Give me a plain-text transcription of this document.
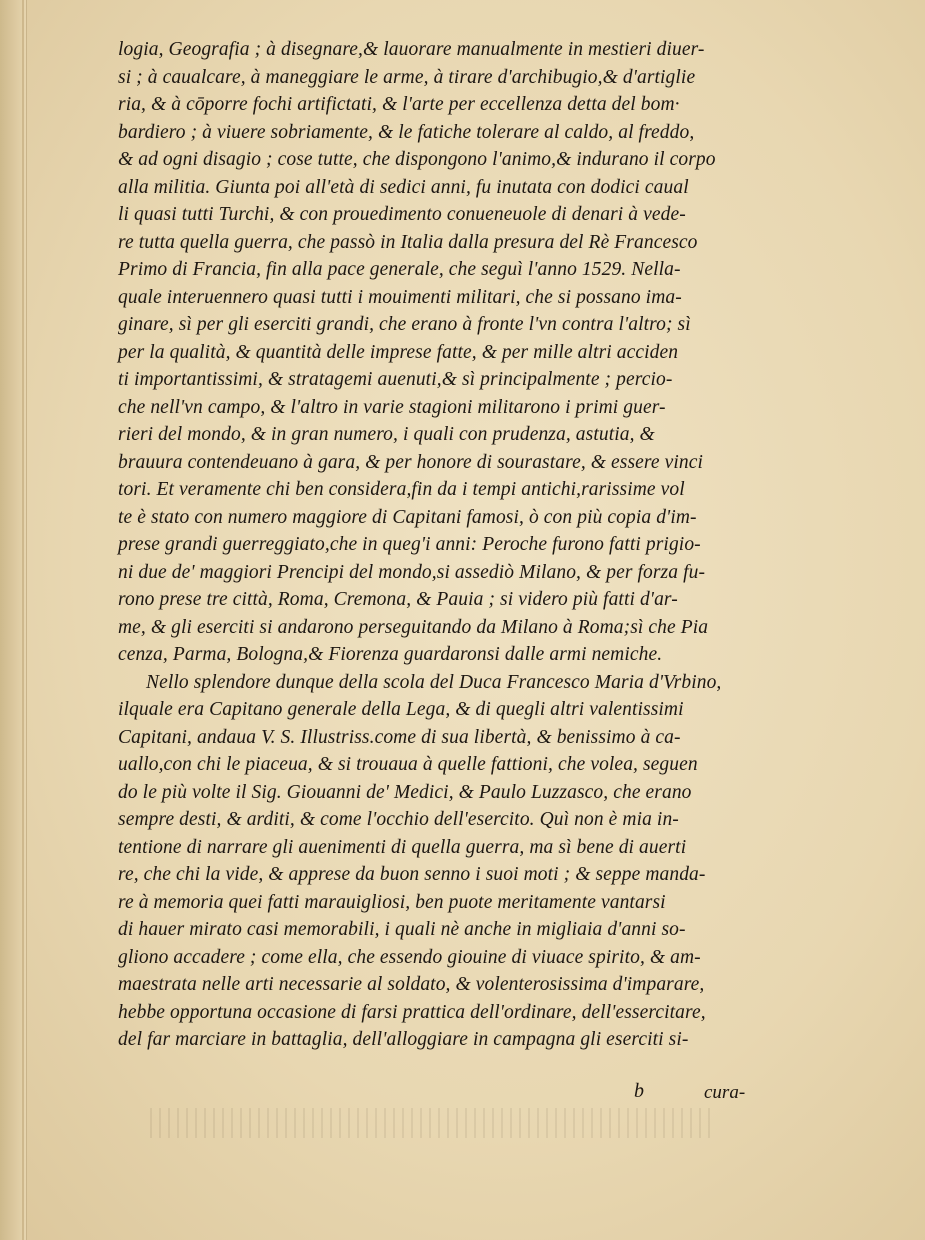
logia, Geografia ; à disegnare,& lauorare manualmente in mestieri diuer-
si ; à caualcare, à maneggiare le arme, à tirare d'archibugio,& d'artiglie
ria, & à cōporre fochi artifictati, & l'arte per eccellenza detta del bom·
bardiero ; à viuere sobriamente, & le fatiche tolerare al caldo, al freddo,
& ad ogni disagio ; cose tutte, che dispongono l'animo,& indurano il corpo
alla militia. Giunta poi all'età di sedici anni, fu inutata con dodici caual
li quasi tutti Turchi, & con prouedimento conueneuole di denari à vede-
re tutta quella guerra, che passò in Italia dalla presura del Rè Francesco
Primo di Francia, fin alla pace generale, che seguì l'anno 1529. Nella-
quale interuennero quasi tutti i mouimenti militari, che si possano ima-
ginare, sì per gli eserciti grandi, che erano à fronte l'vn contra l'altro; sì
per la qualità, & quantità delle imprese fatte, & per mille altri acciden
ti importantissimi, & stratagemi auenuti,& sì principalmente ; percio-
che nell'vn campo, & l'altro in varie stagioni militarono i primi guer-
rieri del mondo, & in gran numero, i quali con prudenza, astutia, &
brauura contendeuano à gara, & per honore di sourastare, & essere vinci
tori. Et veramente chi ben considera,fin da i tempi antichi,rarissime vol
te è stato con numero maggiore di Capitani famosi, ò con più copia d'im-
prese grandi guerreggiato,che in queg'i anni: Peroche furono fatti prigio-
ni due de' maggiori Prencipi del mondo,si assediò Milano, & per forza fu-
rono prese tre città, Roma, Cremona, & Pauia ; si videro più fatti d'ar-
me, & gli eserciti si andarono perseguitando da Milano à Roma;sì che Pia
cenza, Parma, Bologna,& Fiorenza guardaronsi dalle armi nemiche.
Nello splendore dunque della scola del Duca Francesco Maria d'Vrbino,
ilquale era Capitano generale della Lega, & di quegli altri valentissimi
Capitani, andaua V. S. Illustriss.come di sua libertà, & benissimo à ca-
uallo,con chi le piaceua, & si trouaua à quelle fattioni, che volea, seguen
do le più volte il Sig. Giouanni de' Medici, & Paulo Luzzasco, che erano
sempre desti, & arditi, & come l'occhio dell'esercito. Quì non è mia in-
tentione di narrare gli auenimenti di quella guerra, ma sì bene di auerti
re, che chi la vide, & apprese da buon senno i suoi moti ; & seppe manda-
re à memoria quei fatti marauigliosi, ben puote meritamente vantarsi
di hauer mirato casi memorabili, i quali nè anche in migliaia d'anni so-
gliono accadere ; come ella, che essendo giouine di viuace spirito, & am-
maestrata nelle arti necessarie al soldato, & volenterosissima d'imparare,
hebbe opportuna occasione di farsi prattica dell'ordinare, dell'essercitare,
del far marciare in battaglia, dell'alloggiare in campagna gli eserciti si-
b	cura-
